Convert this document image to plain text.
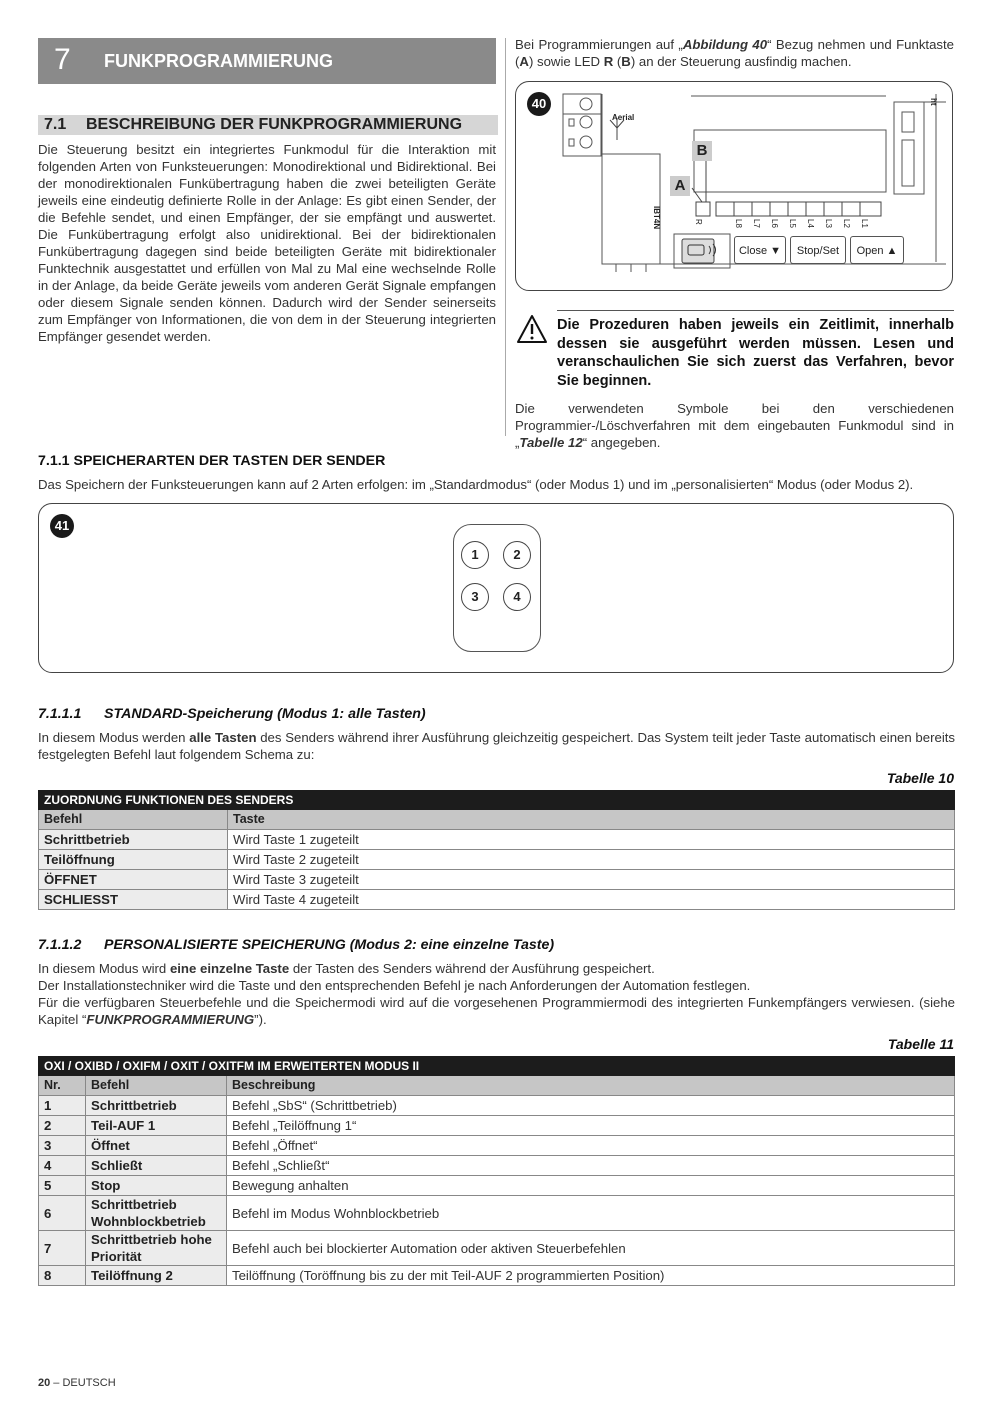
7 FUNKPROGRAMMIERUNG
7.1 BESCHREIBUNG DER FUNKPROGRAMMIERUNG

Die Steuerung besitzt ein integriertes Funkmodul für die Interaktion mit folgenden Arten von Funksteuerungen: Monodirektional und Bidirektional. Bei der monodirektionalen Funkübertragung haben die zwei beteiligten Geräte jeweils eine eindeutig definierte Rolle in der Anlage: Es gibt einen Sender, der die Befehle sendet, und einen Empfänger, der sie empfängt und auswertet. Die Funkübertragung erfolgt also unidirektional. Bei der bidirektionalen Funkübertragung dagegen sind beide beteiligten Geräte mit bidirektionaler Funktechnik ausgestattet und erfüllen von Mal zu Mal eine wechselnde Rolle in der Anlage, da beide Geräte jeweils vom anderen Gerät Signale empfangen oder diesem Signale senden können. Dadurch wird der Sender seinerseits zum Empfänger von Informationen, die von dem in der Steuerung integrierten Empfänger gesendet werden.

Bei Programmierungen auf „Abbildung 40“ Bezug nehmen und Funktaste (A) sowie LED R (B) an der Steuerung ausfindig machen.

40
Aerial
IBT4N
ht
A
B
R	L8 L7 L6 L5 L4 L3 L2 L1
Close ▼	Stop/Set	Open ▲

Die Prozeduren haben jeweils ein Zeitlimit, innerhalb dessen sie ausgeführt werden müssen. Lesen und veranschaulichen Sie sich zuerst das Verfahren, bevor Sie beginnen.

Die verwendeten Symbole bei den verschiedenen Programmier-/Löschverfahren mit dem eingebauten Funkmodul sind in „Tabelle 12“ angegeben.

7.1.1 SPEICHERARTEN DER TASTEN DER SENDER

Das Speichern der Funksteuerungen kann auf 2 Arten erfolgen: im „Standardmodus“ (oder Modus 1) und im „personalisierten“ Modus (oder Modus 2).

41
1	2
3	4
7.1.1.1 STANDARD-Speicherung (Modus 1: alle Tasten)

In diesem Modus werden alle Tasten des Senders während ihrer Ausführung gleichzeitig gespeichert. Das System teilt jeder Taste automatisch einen bereits festgelegten Befehl laut folgendem Schema zu:

Tabelle 10
ZUORDNUNG FUNKTIONEN DES SENDERS	
Befehl	Taste
Schrittbetrieb	Wird Taste 1 zugeteilt
Teilöffnung	Wird Taste 2 zugeteilt
ÖFFNET	Wird Taste 3 zugeteilt
SCHLIESST	Wird Taste 4 zugeteilt
7.1.1.2 PERSONALISIERTE SPEICHERUNG (Modus 2: eine einzelne Taste)

In diesem Modus wird eine einzelne Taste der Tasten des Senders während der Ausführung gespeichert.

Der Installationstechniker wird die Taste und den entsprechenden Befehl je nach Anforderungen der Automation festlegen.

Für die verfügbaren Steuerbefehle und die Speichermodi wird auf die vorgesehenen Programmiermodi des integrierten Funkempfängers verwiesen. (siehe Kapitel “FUNKPROGRAMMIERUNG”).

Tabelle 11
OXI / OXIBD / OXIFM / OXIT / OXITFM IM ERWEITERTEN MODUS II		
Nr.	Befehl	Beschreibung
1	Schrittbetrieb	Befehl „SbS“ (Schrittbetrieb)
2	Teil-AUF 1	Befehl „Teilöffnung 1“
3	Öffnet	Befehl „Öffnet“
4	Schließt	Befehl „Schließt“
5	Stop	Bewegung anhalten
6	Schrittbetrieb Wohnblockbetrieb	Befehl im Modus Wohnblockbetrieb
7	Schrittbetrieb hohe Priorität	Befehl auch bei blockierter Automation oder aktiven Steuerbefehlen
8	Teilöffnung 2	Teilöffnung (Toröffnung bis zu der mit Teil-AUF 2 programmierten Position)
20 – DEUTSCH
